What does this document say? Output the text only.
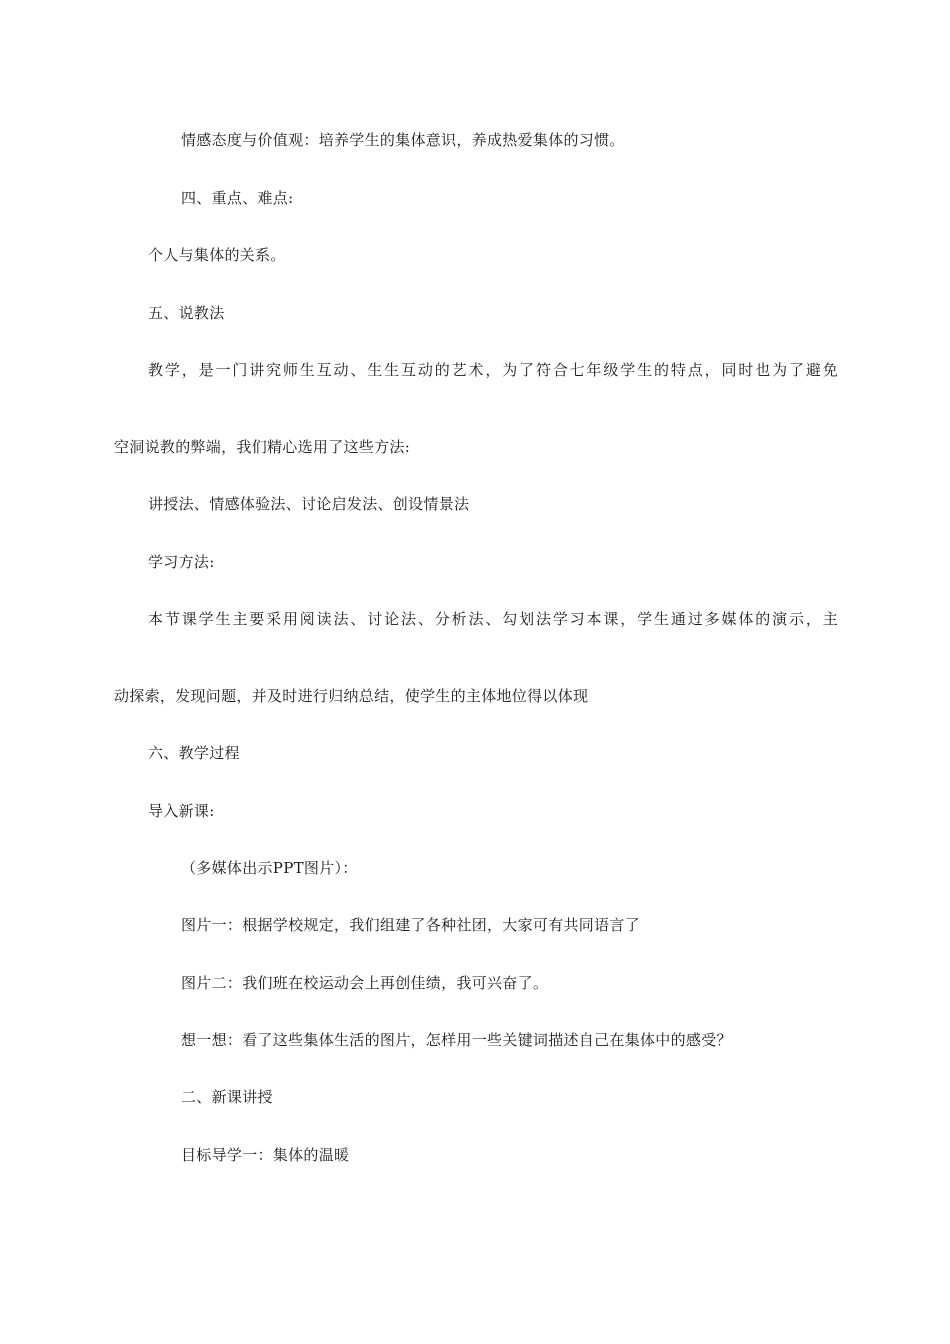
情感态度与价值观：培养学生的集体意识，养成热爱集体的习惯。
四、重点、难点:
个人与集体的关系。
五、说教法
教学，是一门讲究师生互动、生生互动的艺术，为了符合七年级学生的特点，同时也为了避免
空洞说教的弊端，我们精心选用了这些方法:
讲授法、情感体验法、讨论启发法、创设情景法
学习方法:
本节课学生主要采用阅读法、讨论法、分析法、勾划法学习本课，学生通过多媒体的演示，主
动探索，发现问题，并及时进行归纳总结，使学生的主体地位得以体现
六、教学过程
导入新课:
（多媒体出示PPT图片）：
图片一：根据学校规定，我们组建了各种社团，大家可有共同语言了
图片二：我们班在校运动会上再创佳绩，我可兴奋了。
想一想：看了这些集体生活的图片，怎样用一些关键词描述自己在集体中的感受？
二、新课讲授
目标导学一：集体的温暖
